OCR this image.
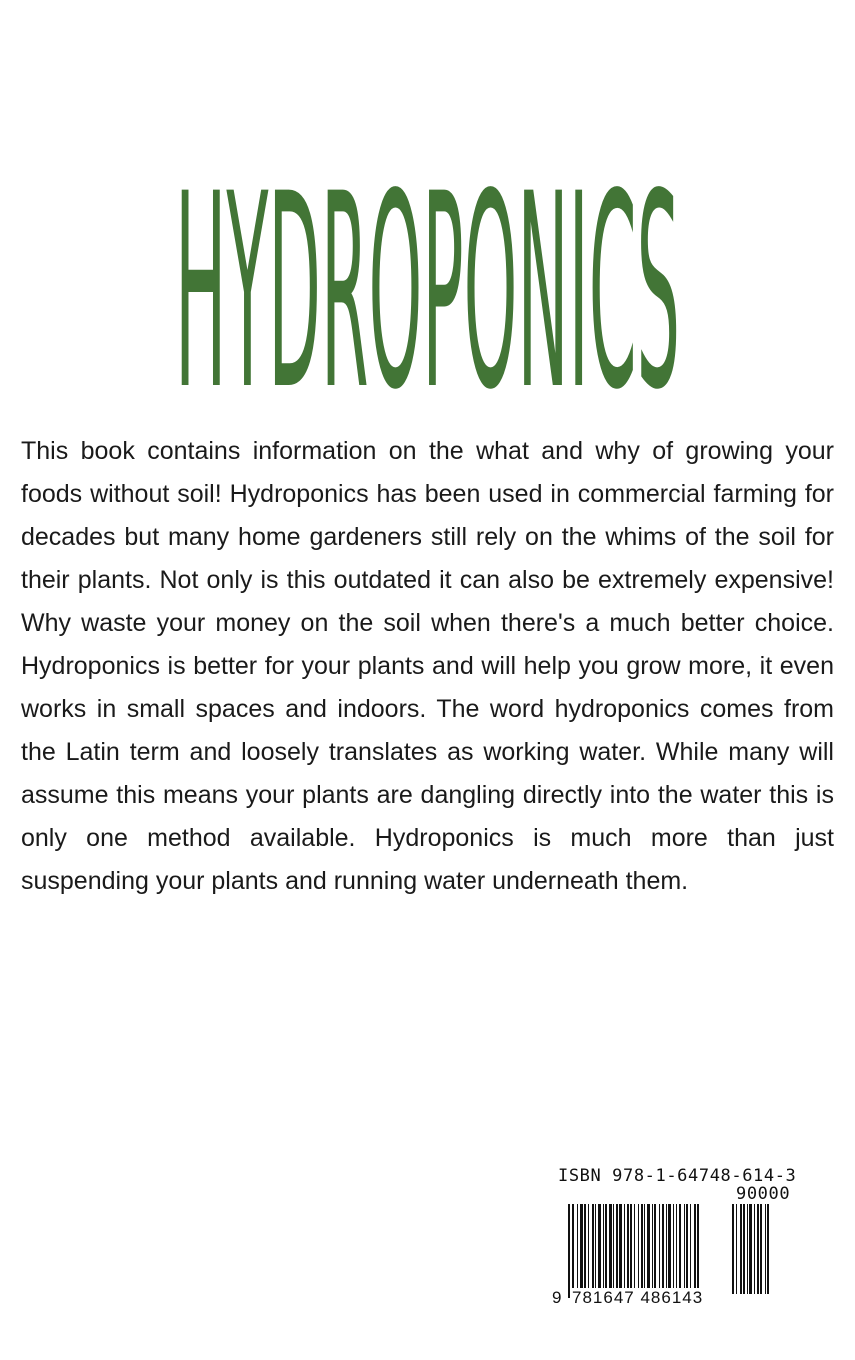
HYDROPONICS

This book contains information on the what and why of growing your foods without soil! Hydroponics has been used in commercial farming for decades but many home gardeners still rely on the whims of the soil for their plants. Not only is this outdated it can also be extremely expensive! Why waste your money on the soil when there's a much better choice. Hydroponics is better for your plants and will help you grow more, it even works in small spaces and indoors. The word hydroponics comes from the Latin term and loosely translates as working water. While many will assume this means your plants are dangling directly into the water this is only one method available. Hydroponics is much more than just suspending your plants and running water underneath them.

ISBN 978-1-64748-614-3
90000
9 781647 486143
